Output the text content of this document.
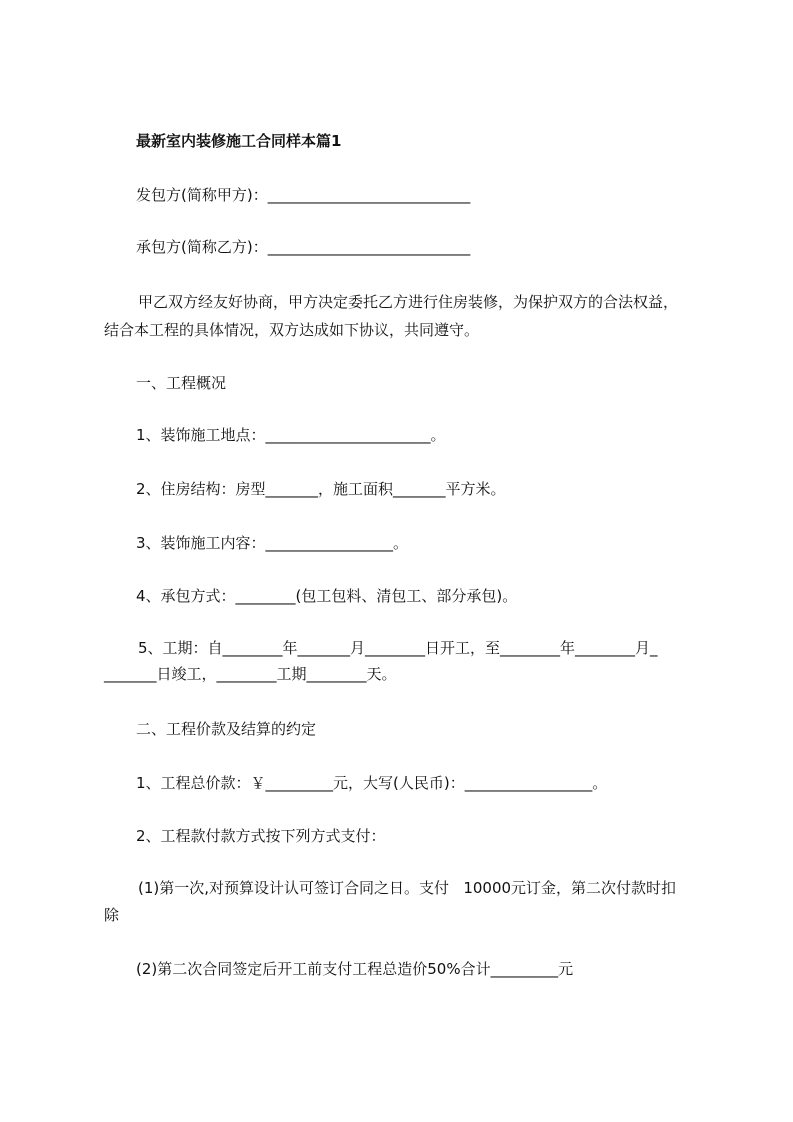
最新室内装修施工合同样本篇1
发包方(简称甲方)：___________________________
承包方(简称乙方)：___________________________
甲乙双方经友好协商，甲方决定委托乙方进行住房装修，为保护双方的合法权益，
结合本工程的具体情况，双方达成如下协议，共同遵守。
一、工程概况
1、装饰施工地点：______________________。
2、住房结构：房型_______，施工面积_______平方米。
3、装饰施工内容：_________________。
4、承包方式：________(包工包料、清包工、部分承包)。
5、工期：自________年_______月________日开工，至________年________月_
_______日竣工，________工期________天。
二、工程价款及结算的约定
1、工程总价款：￥_________元，大写(人民币)：_________________。
2、工程款付款方式按下列方式支付：
(1)第一次,对预算设计认可签订合同之日。支付   10000元订金，第二次付款时扣
除
(2)第二次合同签定后开工前支付工程总造价50%合计_________元
